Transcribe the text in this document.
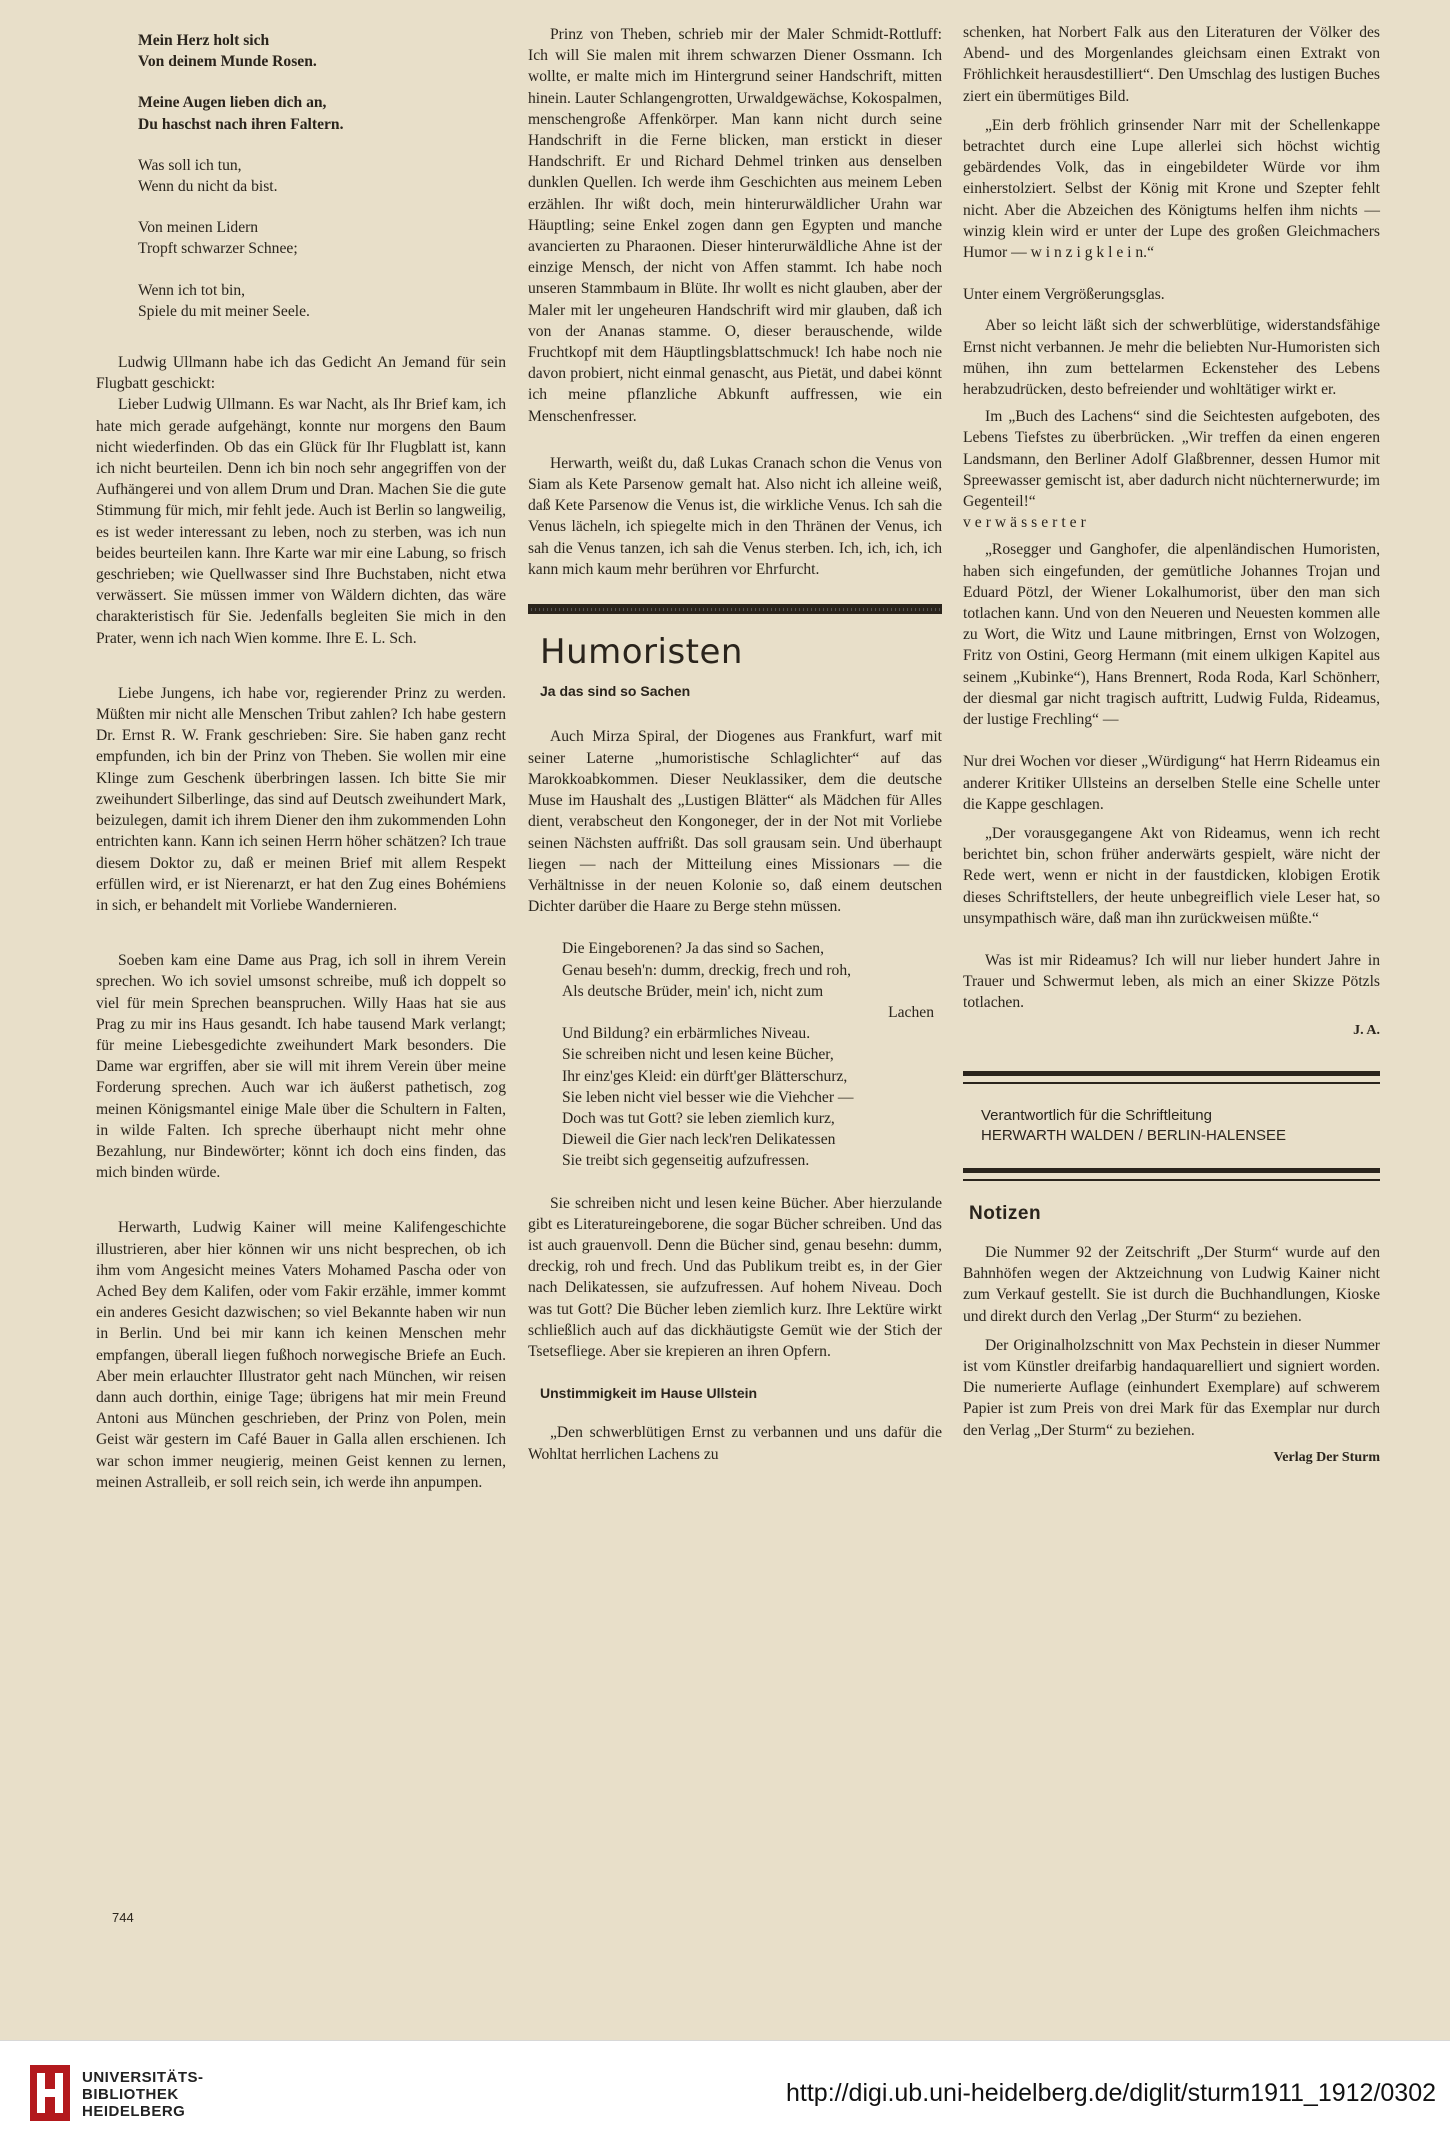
Mein Herz holt sich
Von deinem Munde Rosen.
Meine Augen lieben dich an,
Du haschst nach ihren Faltern.
Was soll ich tun,
Wenn du nicht da bist.
Von meinen Lidern
Tropft schwarzer Schnee;
Wenn ich tot bin,
Spiele du mit meiner Seele.

Ludwig Ullmann habe ich das Gedicht An Jemand für sein Flugbatt geschickt:

Lieber Ludwig Ullmann. Es war Nacht, als Ihr Brief kam, ich hate mich gerade aufgehängt, konnte nur morgens den Baum nicht wiederfinden. Ob das ein Glück für Ihr Flugblatt ist, kann ich nicht beurteilen. Denn ich bin noch sehr angegriffen von der Aufhängerei und von allem Drum und Dran. Machen Sie die gute Stimmung für mich, mir fehlt jede. Auch ist Berlin so langweilig, es ist weder interessant zu leben, noch zu sterben, was ich nun beides beurteilen kann. Ihre Karte war mir eine Labung, so frisch geschrieben; wie Quellwasser sind Ihre Buchstaben, nicht etwa verwässert. Sie müssen immer von Wäldern dichten, das wäre charakteristisch für Sie. Jedenfalls begleiten Sie mich in den Prater, wenn ich nach Wien komme. Ihre E. L. Sch.

Liebe Jungens, ich habe vor, regierender Prinz zu werden. Müßten mir nicht alle Menschen Tribut zahlen? Ich habe gestern Dr. Ernst R. W. Frank geschrieben: Sire. Sie haben ganz recht empfunden, ich bin der Prinz von Theben. Sie wollen mir eine Klinge zum Geschenk überbringen lassen. Ich bitte Sie mir zweihundert Silberlinge, das sind auf Deutsch zweihundert Mark, beizulegen, damit ich ihrem Diener den ihm zukommenden Lohn entrichten kann. Kann ich seinen Herrn höher schätzen? Ich traue diesem Doktor zu, daß er meinen Brief mit allem Respekt erfüllen wird, er ist Nierenarzt, er hat den Zug eines Bohémiens in sich, er behandelt mit Vorliebe Wandernieren.

Soeben kam eine Dame aus Prag, ich soll in ihrem Verein sprechen. Wo ich soviel umsonst schreibe, muß ich doppelt so viel für mein Sprechen beanspruchen. Willy Haas hat sie aus Prag zu mir ins Haus gesandt. Ich habe tausend Mark verlangt; für meine Liebesgedichte zweihundert Mark besonders. Die Dame war ergriffen, aber sie will mit ihrem Verein über meine Forderung sprechen. Auch war ich äußerst pathetisch, zog meinen Königsmantel einige Male über die Schultern in Falten, in wilde Falten. Ich spreche überhaupt nicht mehr ohne Bezahlung, nur Bindewörter; könnt ich doch eins finden, das mich binden würde.

Herwarth, Ludwig Kainer will meine Kalifengeschichte illustrieren, aber hier können wir uns nicht besprechen, ob ich ihm vom Angesicht meines Vaters Mohamed Pascha oder von Ached Bey dem Kalifen, oder vom Fakir erzähle, immer kommt ein anderes Gesicht dazwischen; so viel Bekannte haben wir nun in Berlin. Und bei mir kann ich keinen Menschen mehr empfangen, überall liegen fußhoch norwegische Briefe an Euch. Aber mein erlauchter Illustrator geht nach München, wir reisen dann auch dorthin, einige Tage; übrigens hat mir mein Freund Antoni aus München geschrieben, der Prinz von Polen, mein Geist wär gestern im Café Bauer in Galla allen erschienen. Ich war schon immer neugierig, meinen Geist kennen zu lernen, meinen Astralleib, er soll reich sein, ich werde ihn anpumpen.

744

Prinz von Theben, schrieb mir der Maler Schmidt-Rottluff: Ich will Sie malen mit ihrem schwarzen Diener Ossmann. Ich wollte, er malte mich im Hintergrund seiner Handschrift, mitten hinein. Lauter Schlangengrotten, Urwaldgewächse, Kokospalmen, menschengroße Affenkörper. Man kann nicht durch seine Handschrift in die Ferne blicken, man erstickt in dieser Handschrift. Er und Richard Dehmel trinken aus denselben dunklen Quellen. Ich werde ihm Geschichten aus meinem Leben erzählen. Ihr wißt doch, mein hinterurwäldlicher Urahn war Häuptling; seine Enkel zogen dann gen Egypten und manche avancierten zu Pharaonen. Dieser hinterurwäldliche Ahne ist der einzige Mensch, der nicht von Affen stammt. Ich habe noch unseren Stammbaum in Blüte. Ihr wollt es nicht glauben, aber der Maler mit ler ungeheuren Handschrift wird mir glauben, daß ich von der Ananas stamme. O, dieser berauschende, wilde Fruchtkopf mit dem Häuptlingsblattschmuck! Ich habe noch nie davon probiert, nicht einmal genascht, aus Pietät, und dabei könnt ich meine pflanzliche Abkunft auffressen, wie ein Menschenfresser.

Herwarth, weißt du, daß Lukas Cranach schon die Venus von Siam als Kete Parsenow gemalt hat. Also nicht ich alleine weiß, daß Kete Parsenow die Venus ist, die wirkliche Venus. Ich sah die Venus lächeln, ich spiegelte mich in den Thränen der Venus, ich sah die Venus tanzen, ich sah die Venus sterben. Ich, ich, ich, ich kann mich kaum mehr berühren vor Ehrfurcht.

Humoristen
Ja das sind so Sachen

Auch Mirza Spiral, der Diogenes aus Frankfurt, warf mit seiner Laterne „humoristische Schlaglichter“ auf das Marokkoabkommen. Dieser Neuklassiker, dem die deutsche Muse im Haushalt des „Lustigen Blätter“ als Mädchen für Alles dient, verabscheut den Kongoneger, der in der Not mit Vorliebe seinen Nächsten auffrißt. Das soll grausam sein. Und überhaupt liegen — nach der Mitteilung eines Missionars — die Verhältnisse in der neuen Kolonie so, daß einem deutschen Dichter darüber die Haare zu Berge stehn müssen.

Die Eingeborenen? Ja das sind so Sachen,
Genau beseh'n: dumm, dreckig, frech und roh,
Als deutsche Brüder, mein' ich, nicht zum
Lachen
Und Bildung? ein erbärmliches Niveau.
Sie schreiben nicht und lesen keine Bücher,
Ihr einz'ges Kleid: ein dürft'ger Blätterschurz,
Sie leben nicht viel besser wie die Viehcher —
Doch was tut Gott? sie leben ziemlich kurz,
Dieweil die Gier nach leck'ren Delikatessen
Sie treibt sich gegenseitig aufzufressen.

Sie schreiben nicht und lesen keine Bücher. Aber hierzulande gibt es Literatureingeborene, die sogar Bücher schreiben. Und das ist auch grauenvoll. Denn die Bücher sind, genau besehn: dumm, dreckig, roh und frech. Und das Publikum treibt es, in der Gier nach Delikatessen, sie aufzufressen. Auf hohem Niveau. Doch was tut Gott? Die Bücher leben ziemlich kurz. Ihre Lektüre wirkt schließlich auch auf das dickhäutigste Gemüt wie der Stich der Tsetsefliege. Aber sie krepieren an ihren Opfern.

Unstimmigkeit im Hause Ullstein

„Den schwerblütigen Ernst zu verbannen und uns dafür die Wohltat herrlichen Lachens zu

schenken, hat Norbert Falk aus den Literaturen der Völker des Abend- und des Morgenlandes gleichsam einen Extrakt von Fröhlichkeit herausdestilliert“. Den Umschlag des lustigen Buches ziert ein übermütiges Bild.

„Ein derb fröhlich grinsender Narr mit der Schellenkappe betrachtet durch eine Lupe allerlei sich höchst wichtig gebärdendes Volk, das in eingebildeter Würde vor ihm einherstolziert. Selbst der König mit Krone und Szepter fehlt nicht. Aber die Abzeichen des Königtums helfen ihm nichts — winzig klein wird er unter der Lupe des großen Gleichmachers Humor — w i n z i g k l e i n.“

Unter einem Vergrößerungsglas.

Aber so leicht läßt sich der schwerblütige, widerstandsfähige Ernst nicht verbannen. Je mehr die beliebten Nur-Humoristen sich mühen, ihn zum bettelarmen Eckensteher des Lebens herabzudrücken, desto befreiender und wohltätiger wirkt er.

Im „Buch des Lachens“ sind die Seichtesten aufgeboten, des Lebens Tiefstes zu überbrücken. „Wir treffen da einen engeren Landsmann, den Berliner Adolf Glaßbrenner, dessen Humor mit Spreewasser gemischt ist, aber dadurch nicht nüchternerwurde; im Gegenteil!“

verwässerter

„Rosegger und Ganghofer, die alpenländischen Humoristen, haben sich eingefunden, der gemütliche Johannes Trojan und Eduard Pötzl, der Wiener Lokalhumorist, über den man sich totlachen kann. Und von den Neueren und Neuesten kommen alle zu Wort, die Witz und Laune mitbringen, Ernst von Wolzogen, Fritz von Ostini, Georg Hermann (mit einem ulkigen Kapitel aus seinem „Kubinke“), Hans Brennert, Roda Roda, Karl Schönherr, der diesmal gar nicht tragisch auftritt, Ludwig Fulda, Rideamus, der lustige Frechling“ —

Nur drei Wochen vor dieser „Würdigung“ hat Herrn Rideamus ein anderer Kritiker Ullsteins an derselben Stelle eine Schelle unter die Kappe geschlagen.

„Der vorausgegangene Akt von Rideamus, wenn ich recht berichtet bin, schon früher anderwärts gespielt, wäre nicht der Rede wert, wenn er nicht in der faustdicken, klobigen Erotik dieses Schriftstellers, der heute unbegreiflich viele Leser hat, so unsympathisch wäre, daß man ihn zurückweisen müßte.“

Was ist mir Rideamus? Ich will nur lieber hundert Jahre in Trauer und Schwermut leben, als mich an einer Skizze Pötzls totlachen.

J. A.
Verantwortlich für die Schriftleitung
HERWARTH WALDEN / BERLIN-HALENSEE
Notizen

Die Nummer 92 der Zeitschrift „Der Sturm“ wurde auf den Bahnhöfen wegen der Aktzeichnung von Ludwig Kainer nicht zum Verkauf gestellt. Sie ist durch die Buchhandlungen, Kioske und direkt durch den Verlag „Der Sturm“ zu beziehen.

Der Originalholzschnitt von Max Pechstein in dieser Nummer ist vom Künstler dreifarbig handaquarelliert und signiert worden. Die numerierte Auflage (einhundert Exemplare) auf schwerem Papier ist zum Preis von drei Mark für das Exemplar nur durch den Verlag „Der Sturm“ zu beziehen.

Verlag Der Sturm
UNIVERSITÄTS-
BIBLIOTHEK
HEIDELBERG
http://digi.ub.uni-heidelberg.de/diglit/sturm1911_1912/0302
